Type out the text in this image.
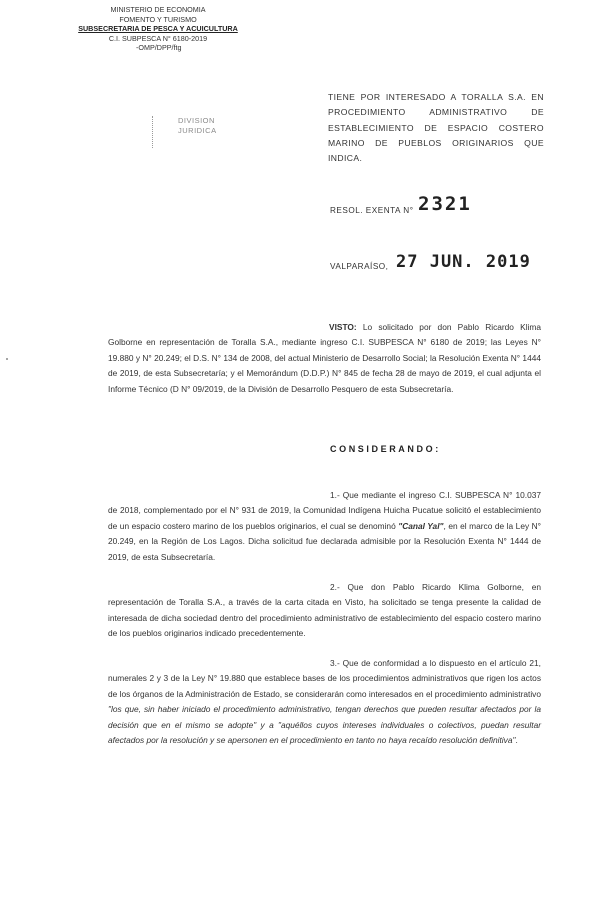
MINISTERIO DE ECONOMIA
FOMENTO Y TURISMO
SUBSECRETARIA DE PESCA Y ACUICULTURA
C.I. SUBPESCA N° 6180-2019
-OMP/DPP/ftg
DIVISION
JURIDICA
TIENE POR INTERESADO A TORALLA S.A. EN PROCEDIMIENTO ADMINISTRATIVO DE ESTABLECIMIENTO DE ESPACIO COSTERO MARINO DE PUEBLOS ORIGINARIOS QUE INDICA.
RESOL. EXENTA N° 2321
VALPARAÍSO, 27 JUN. 2019
VISTO: Lo solicitado por don Pablo Ricardo Klima Golborne en representación de Toralla S.A., mediante ingreso C.I. SUBPESCA N° 6180 de 2019; las Leyes N° 19.880 y N° 20.249; el D.S. N° 134 de 2008, del actual Ministerio de Desarrollo Social; la Resolución Exenta N° 1444 de 2019, de esta Subsecretaría; y el Memorándum (D.D.P.) N° 845 de fecha 28 de mayo de 2019, el cual adjunta el Informe Técnico (D N° 09/2019, de la División de Desarrollo Pesquero de esta Subsecretaría.
CONSIDERANDO:
1.- Que mediante el ingreso C.I. SUBPESCA N° 10.037 de 2018, complementado por el N° 931 de 2019, la Comunidad Indígena Huicha Pucatue solicitó el establecimiento de un espacio costero marino de los pueblos originarios, el cual se denominó "Canal Yal", en el marco de la Ley N° 20.249, en la Región de Los Lagos. Dicha solicitud fue declarada admisible por la Resolución Exenta N° 1444 de 2019, de esta Subsecretaría.
2.- Que don Pablo Ricardo Klima Golborne, en representación de Toralla S.A., a través de la carta citada en Visto, ha solicitado se tenga presente la calidad de interesada de dicha sociedad dentro del procedimiento administrativo de establecimiento del espacio costero marino de los pueblos originarios indicado precedentemente.
3.- Que de conformidad a lo dispuesto en el artículo 21, numerales 2 y 3 de la Ley N° 19.880 que establece bases de los procedimientos administrativos que rigen los actos de los órganos de la Administración de Estado, se considerarán como interesados en el procedimiento administrativo "los que, sin haber iniciado el procedimiento administrativo, tengan derechos que pueden resultar afectados por la decisión que en el mismo se adopte" y a "aquéllos cuyos intereses individuales o colectivos, puedan resultar afectados por la resolución y se apersonen en el procedimiento en tanto no haya recaído resolución definitiva".
